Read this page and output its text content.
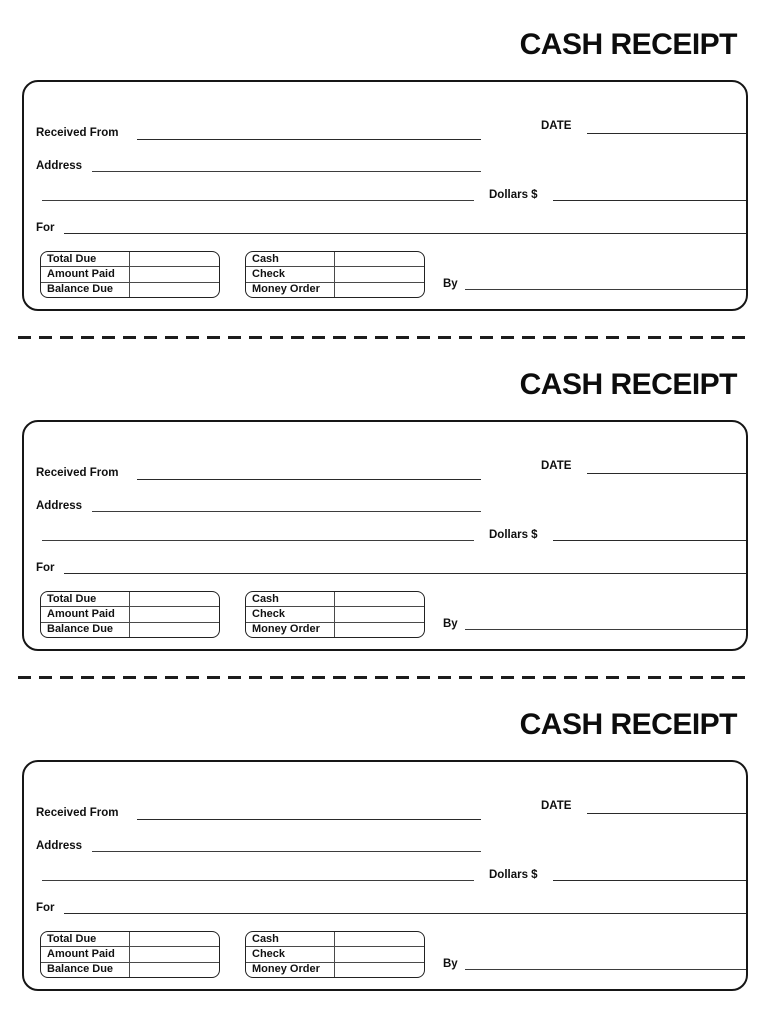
CASH RECEIPT
Received From
DATE
Address
Dollars $
For
Total Due
Amount Paid
Balance Due
Cash
Check
Money Order	By
CASH RECEIPT
Received From
DATE
Address
Dollars $
For
Total Due
Amount Paid
Balance Due
Cash
Check
Money Order	By
CASH RECEIPT
Received From
DATE
Address
Dollars $
For
Total Due
Amount Paid
Balance Due
Cash
Check
Money Order	By
